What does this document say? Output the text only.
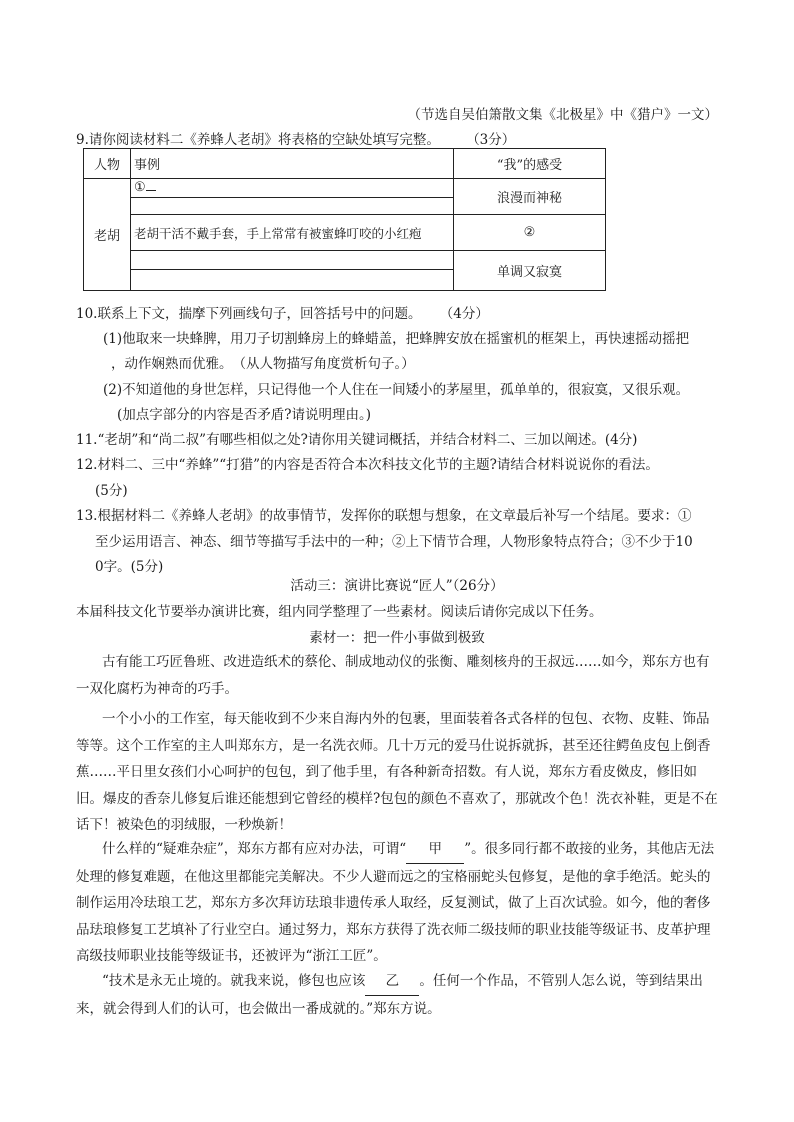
（节选自吴伯箫散文集《北极星》中《猎户》一文）
9.请你阅读材料二《养蜂人老胡》将表格的空缺处填写完整。 （3分）
人物	事例	“我”的感受
老胡	①	浪漫而神秘
	老胡干活不戴手套，手上常常有被蜜蜂叮咬的小红疱	②

		单调又寂寞
10.联系上下文，揣摩下列画线句子，回答括号中的问题。 （4分）
(1)他取来一块蜂脾，用刀子切割蜂房上的蜂蜡盖，把蜂脾安放在摇蜜机的框架上，再快速摇动摇把
，动作娴熟而优雅。　（从人物描写角度赏析句子。）
(2)不知道他的身世怎样，只记得他一个人住在一间矮小的茅屋里，孤单单的，很寂寞，又很乐观。
(加点字部分的内容是否矛盾?请说明理由。)
11.“老胡”和“尚二叔”有哪些相似之处?请你用关键词概括，并结合材料二、三加以阐述。(4分)
12.材料二、三中“养蜂”“打猎”的内容是否符合本次科技文化节的主题?请结合材料说说你的看法。
(5分)
13.根据材料二《养蜂人老胡》的故事情节，发挥你的联想与想象，在文章最后补写一个结尾。要求：①
至少运用语言、神态、细节等描写手法中的一种；②上下情节合理，人物形象特点符合；③不少于10
0字。(5分)
活动三：演讲比赛说“匠人”（26分）
本届科技文化节要举办演讲比赛，组内同学整理了一些素材。阅读后请你完成以下任务。
素材一：把一件小事做到极致
古有能工巧匠鲁班、改进造纸术的蔡伦、制成地动仪的张衡、雕刻核舟的王叔远……如今，郑东方也有一双化腐朽为神奇的巧手。
一个小小的工作室，每天能收到不少来自海内外的包裹，里面装着各式各样的包包、衣物、皮鞋、饰品等等。这个工作室的主人叫郑东方，是一名洗衣师。几十万元的爱马仕说拆就拆，甚至还往鳄鱼皮包上倒香蕉……平日里女孩们小心呵护的包包，到了他手里，有各种新奇招数。有人说，郑东方看皮傚皮，修旧如旧。爆皮的香奈儿修复后谁还能想到它曾经的模样?包包的颜色不喜欢了，那就改个色！洗衣补鞋，更是不在话下！被染色的羽绒服，一秒焕新！
什么样的“疑难杂症”，郑东方都有应对办法，可谓“ 甲 ”。很多同行都不敢接的业务，其他店无法处理的修复难题，在他这里都能完美解决。不少人避而远之的宝格丽蛇头包修复，是他的拿手绝活。蛇头的制作运用冷珐琅工艺，郑东方多次拜访珐琅非遗传承人取经，反复测试，做了上百次试验。如今，他的奢侈品珐琅修复工艺填补了行业空白。通过努力，郑东方获得了洗衣师二级技师的职业技能等级证书、皮革护理高级技师职业技能等级证书，还被评为“浙江工匠”。
“技术是永无止境的。就我来说，修包也应该 乙 。任何一个作品，不管别人怎么说，等到结果出来，就会得到人们的认可，也会做出一番成就的。”郑东方说。
